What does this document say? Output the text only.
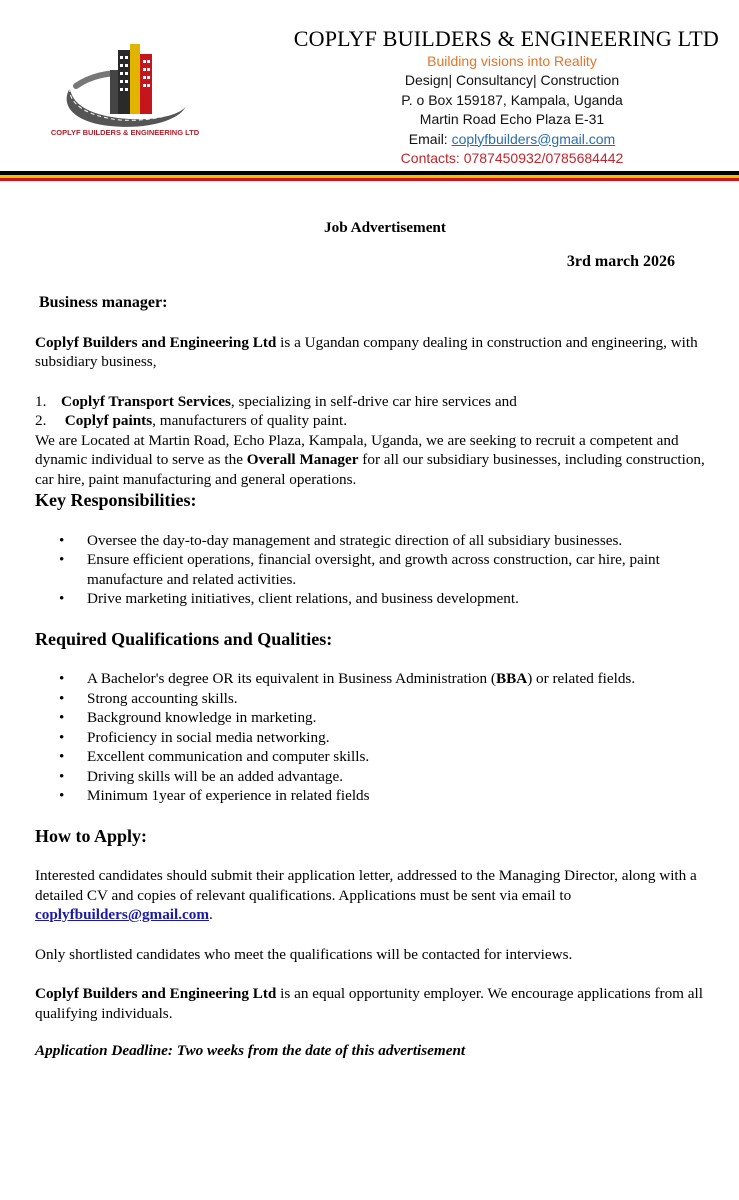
COPLYF BUILDERS & ENGINEERING LTD
COPLYF BUILDERS & ENGINEERING LTD
Building visions into Reality
Design| Consultancy| Construction
P. o Box 159187, Kampala, Uganda
Martin Road Echo Plaza E-31
Email: coplyfbuilders@gmail.com
Contacts: 0787450932/0785684442
Job Advertisement
3rd march 2026
Business manager:

Coplyf Builders and Engineering Ltd is a Ugandan company dealing in construction and engineering, with subsidiary business,

1. Coplyf Transport Services, specializing in self-drive car hire services and
2. Coplyf paints, manufacturers of quality paint.

We are Located at Martin Road, Echo Plaza, Kampala, Uganda, we are seeking to recruit a competent and dynamic individual to serve as the Overall Manager for all our subsidiary businesses, including construction, car hire, paint manufacturing and general operations.

Key Responsibilities:
• Oversee the day-to-day management and strategic direction of all subsidiary businesses.
• Ensure efficient operations, financial oversight, and growth across construction, car hire, paint manufacture and related activities.
• Drive marketing initiatives, client relations, and business development.
Required Qualifications and Qualities:
• A Bachelor's degree OR its equivalent in Business Administration (BBA) or related fields.
• Strong accounting skills.
• Background knowledge in marketing.
• Proficiency in social media networking.
• Excellent communication and computer skills.
• Driving skills will be an added advantage.
• Minimum 1year of experience in related fields
How to Apply:

Interested candidates should submit their application letter, addressed to the Managing Director, along with a detailed CV and copies of relevant qualifications. Applications must be sent via email to coplyfbuilders@gmail.com.

Only shortlisted candidates who meet the qualifications will be contacted for interviews.

Coplyf Builders and Engineering Ltd is an equal opportunity employer. We encourage applications from all qualifying individuals.

Application Deadline: Two weeks from the date of this advertisement
